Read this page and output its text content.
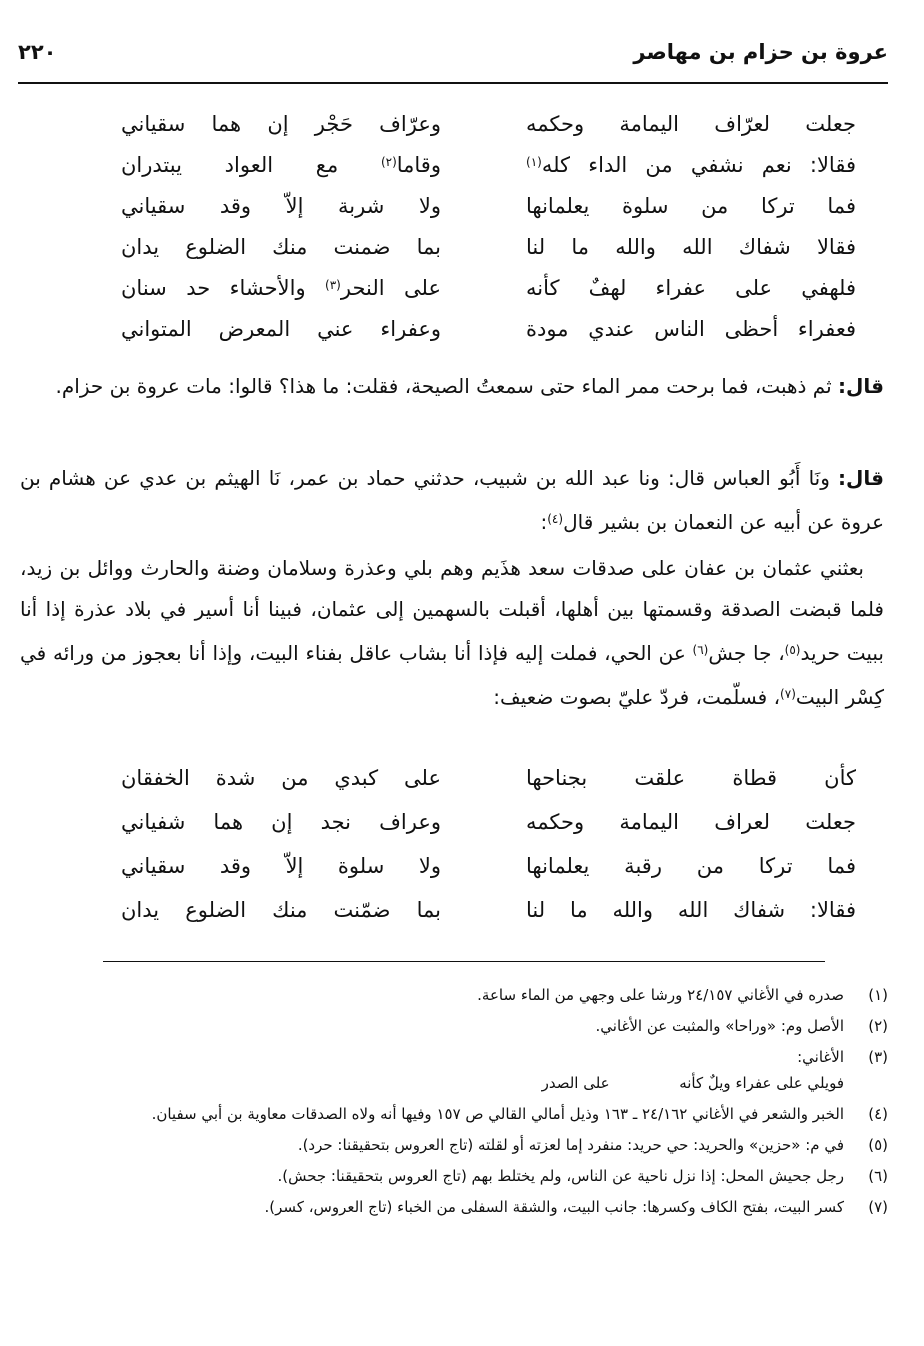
عروة بن حزام بن مهاصر
٢٢٠
جعلت لعرّاف اليمامة وحكمه
وعرّاف حَجْر إن هما سقياني
فقالا: نعم نشفي من الداء كله$^{(١)}$
وقاما$^{(٢)}$ مع العواد يبتدران
فما تركا من سلوة يعلمانها
ولا شربة إلاّ وقد سقياني
فقالا شفاك الله والله ما لنا
بما ضمنت منك الضلوع يدان
فلهفي على عفراء لهفٌ كأنه
على النحر$^{(٣)}$ والأحشاء حد سنان
فعفراء أحظى الناس عندي مودة
وعفراء عني المعرض المتواني
قال: ثم ذهبت، فما برحت ممر الماء حتى سمعتُ الصيحة، فقلت: ما هذا؟ قالوا: مات عروة بن حزام.
قال: ونَا أَبُو العباس قال: ونا عبد الله بن شبيب، حدثني حماد بن عمر، نَا الهيثم بن عدي عن هشام بن عروة عن أبيه عن النعمان بن بشير قال$^{(٤)}$:
بعثني عثمان بن عفان على صدقات سعد هذَيم وهم بلي وعذرة وسلامان وضنة والحارث ووائل بن زيد، فلما قبضت الصدقة وقسمتها بين أهلها، أقبلت بالسهمين إلى عثمان، فبينا أنا أسير في بلاد عذرة إذا أنا ببيت حريد$^{(٥)}$، جا جش$^{(٦)}$ عن الحي، فملت إليه فإذا أنا بشاب عاقل بفناء البيت، وإذا أنا بعجوز من ورائه في كِسْر البيت$^{(٧)}$، فسلّمت، فردّ عليّ بصوت ضعيف:
كأن قطاة علقت بجناحها
على كبدي من شدة الخفقان
جعلت لعراف اليمامة وحكمه
وعراف نجد إن هما شفياني
فما تركا من رقبة يعلمانها
ولا سلوة إلاّ وقد سقياني
فقالا: شفاك الله والله ما لنا
بما ضمّنت منك الضلوع يدان
(١)
صدره في الأغاني ٢٤/١٥٧ ورشا على وجهي من الماء ساعة.
(٢)
الأصل وم: «وراحا» والمثبت عن الأغاني.
(٣)
الأغاني:
فويلي على عفراء ويلٌ كأنه  على الصدر
(٤)
الخبر والشعر في الأغاني ٢٤/١٦٢ ـ ١٦٣ وذيل أمالي القالي ص ١٥٧ وفيها أنه ولاه الصدقات معاوية بن أبي سفيان.
(٥)
في م: «حزين» والحريد: حي حريد: منفرد إما لعزته أو لقلته (تاج العروس بتحقيقنا: حرد).
(٦)
رجل جحيش المحل: إذا نزل ناحية عن الناس، ولم يختلط بهم (تاج العروس بتحقيقنا: جحش).
(٧)
كسر البيت، بفتح الكاف وكسرها: جانب البيت، والشقة السفلى من الخباء (تاج العروس، كسر).
